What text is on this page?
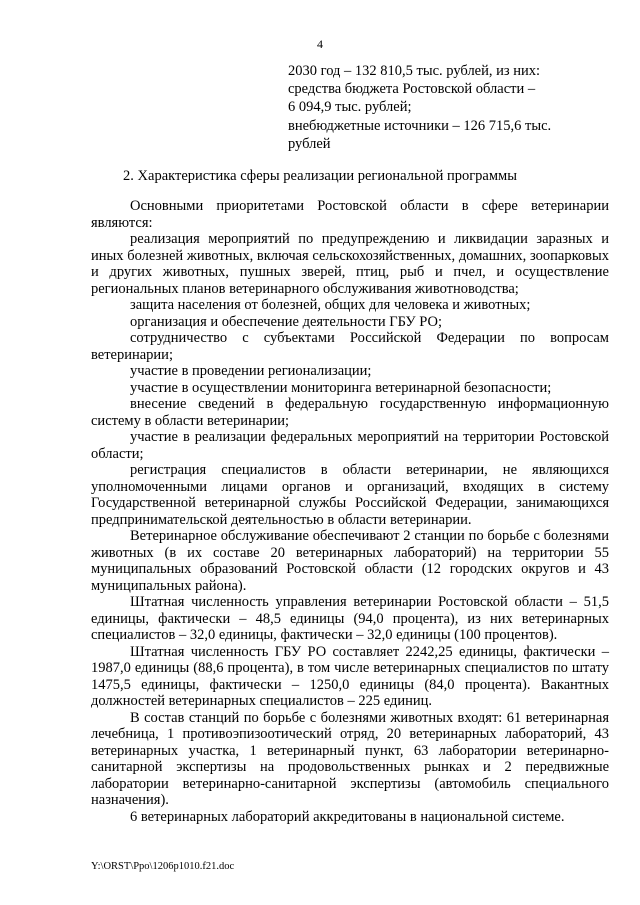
4

2030 год – 132 810,5 тыс. рублей, из них:

средства бюджета Ростовской области –

6 094,9 тыс. рублей;

внебюджетные источники – 126 715,6 тыс.

рублей

2. Характеристика сферы реализации региональной программы

Основными приоритетами Ростовской области в сфере ветеринарии являются:

реализация мероприятий по предупреждению и ликвидации заразных и иных болезней животных, включая сельскохозяйственных, домашних, зоопарковых и других животных, пушных зверей, птиц, рыб и пчел, и осуществление региональных планов ветеринарного обслуживания животноводства;

защита населения от болезней, общих для человека и животных;

организация и обеспечение деятельности ГБУ РО;

сотрудничество с субъектами Российской Федерации по вопросам ветеринарии;

участие в проведении регионализации;

участие в осуществлении мониторинга ветеринарной безопасности;

внесение сведений в федеральную государственную информационную систему в области ветеринарии;

участие в реализации федеральных мероприятий на территории Ростовской области;

регистрация специалистов в области ветеринарии, не являющихся уполномоченными лицами органов и организаций, входящих в систему Государственной ветеринарной службы Российской Федерации, занимающихся предпринимательской деятельностью в области ветеринарии.

Ветеринарное обслуживание обеспечивают 2 станции по борьбе с болезнями животных (в их составе 20 ветеринарных лабораторий) на территории 55 муниципальных образований Ростовской области (12 городских округов и 43 муниципальных района).

Штатная численность управления ветеринарии Ростовской области – 51,5 единицы, фактически – 48,5 единицы (94,0 процента), из них ветеринарных специалистов – 32,0 единицы, фактически – 32,0 единицы (100 процентов).

Штатная численность ГБУ РО составляет 2242,25 единицы, фактически – 1987,0 единицы (88,6 процента), в том числе ветеринарных специалистов по штату 1475,5 единицы, фактически – 1250,0 единицы (84,0 процента). Вакантных должностей ветеринарных специалистов – 225 единиц.

В состав станций по борьбе с болезнями животных входят: 61 ветеринарная лечебница, 1 противоэпизоотический отряд, 20 ветеринарных лабораторий, 43 ветеринарных участка, 1 ветеринарный пункт, 63 лаборатории ветеринарно-санитарной экспертизы на продовольственных рынках и 2 передвижные лаборатории ветеринарно-санитарной экспертизы (автомобиль специального назначения).

6 ветеринарных лабораторий аккредитованы в национальной системе.

Y:\ORST\Ppo\1206p1010.f21.doc
